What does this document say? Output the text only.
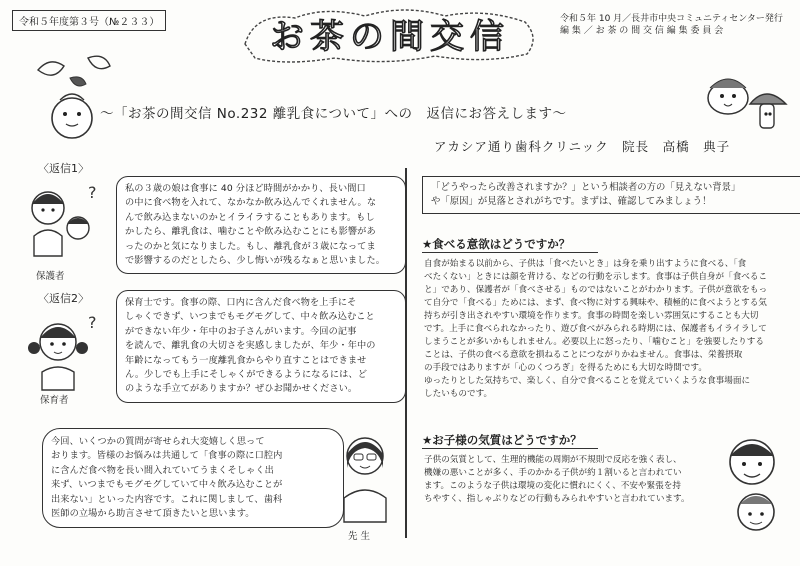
令和５年度第３号（№２３３）	お茶の間交信	令和５年 10 月／長井市中央コミュニティセンター発行
編 集 ／ お 茶 の 間 交 信 編 集 委 員 会
〜「お茶の間交信 No.232 離乳食について」への　返信にお答えします〜
アカシア通り歯科クリニック　院長　高橋　典子
〈返信1〉
?
保護者
私の３歳の娘は食事に 40 分ほど時間がかかり、長い間口
の中に食べ物を入れて、なかなか飲み込んでくれません。な
んで飲み込まないのかとイライラすることもあります。もし
かしたら、離乳食は、噛むことや飲み込むことにも影響があ
ったのかと気になりました。もし、離乳食が３歳になってま
で影響するのだとしたら、少し悔いが残るなぁと思いました。
〈返信2〉
?
保育者
保育士です。食事の際、口内に含んだ食べ物を上手にそ
しゃくできず、いつまでもモグモグして、中々飲み込むこと
ができない年少・年中のお子さんがいます。今回の記事
を読んで、離乳食の大切さを実感しましたが、年少・年中の
年齢になってもう一度離乳食からやり直すことはできませ
ん。少しでも上手にそしゃくができるようになるには、ど
のような手立てがありますか？ぜひお聞かせください。
今回、いくつかの質問が寄せられ大変嬉しく思って
おります。皆様のお悩みは共通して「食事の際に口腔内
に含んだ食べ物を長い間入れていてうまくそしゃく出
来ず、いつまでもモグモグしていて中々飲み込むことが
出来ない」といった内容です。これに関しまして、歯科
医師の立場から助言させて頂きたいと思います。
先 生
「どうやったら改善されますか？」という相談者の方の「見えない背景」
や「原因」が見落とされがちです。まずは、確認してみましょう！
★食べる意欲はどうですか？
自食が始まる以前から、子供は「食べたいとき」は身を乗り出すように食べる、「食
べたくない」ときには顔を背ける、などの行動を示します。食事は子供自身が「食べるこ
と」であり、保護者が「食べさせる」ものではないことがわかります。子供が意欲をもっ
て自分で「食べる」ためには、まず、食べ物に対する興味や、積極的に食べようとする気
持ちが引き出されやすい環境を作ります。食事の時間を楽しい雰囲気にすることも大切
です。上手に食べられなかったり、遊び食べがみられる時期には、保護者もイライラして
しまうことが多いかもしれません。必要以上に怒ったり、「噛むこと」を強要したりする
ことは、子供の食べる意欲を損ねることにつながりかねません。食事は、栄養摂取
の手段ではありますが「心のくつろぎ」を得るためにも大切な時間です。
ゆったりとした気持ちで、楽しく、自分で食べることを覚えていくような食事場面に
したいものです。
★お子様の気質はどうですか？
子供の気質として、生理的機能の周期が不規則で反応を強く表し、
機嫌の悪いことが多く、手のかかる子供が約１割いると言われてい
ます。このような子供は環境の変化に慣れにくく、不安や緊張を持
ちやすく、指しゃぶりなどの行動もみられやすいと言われています。
